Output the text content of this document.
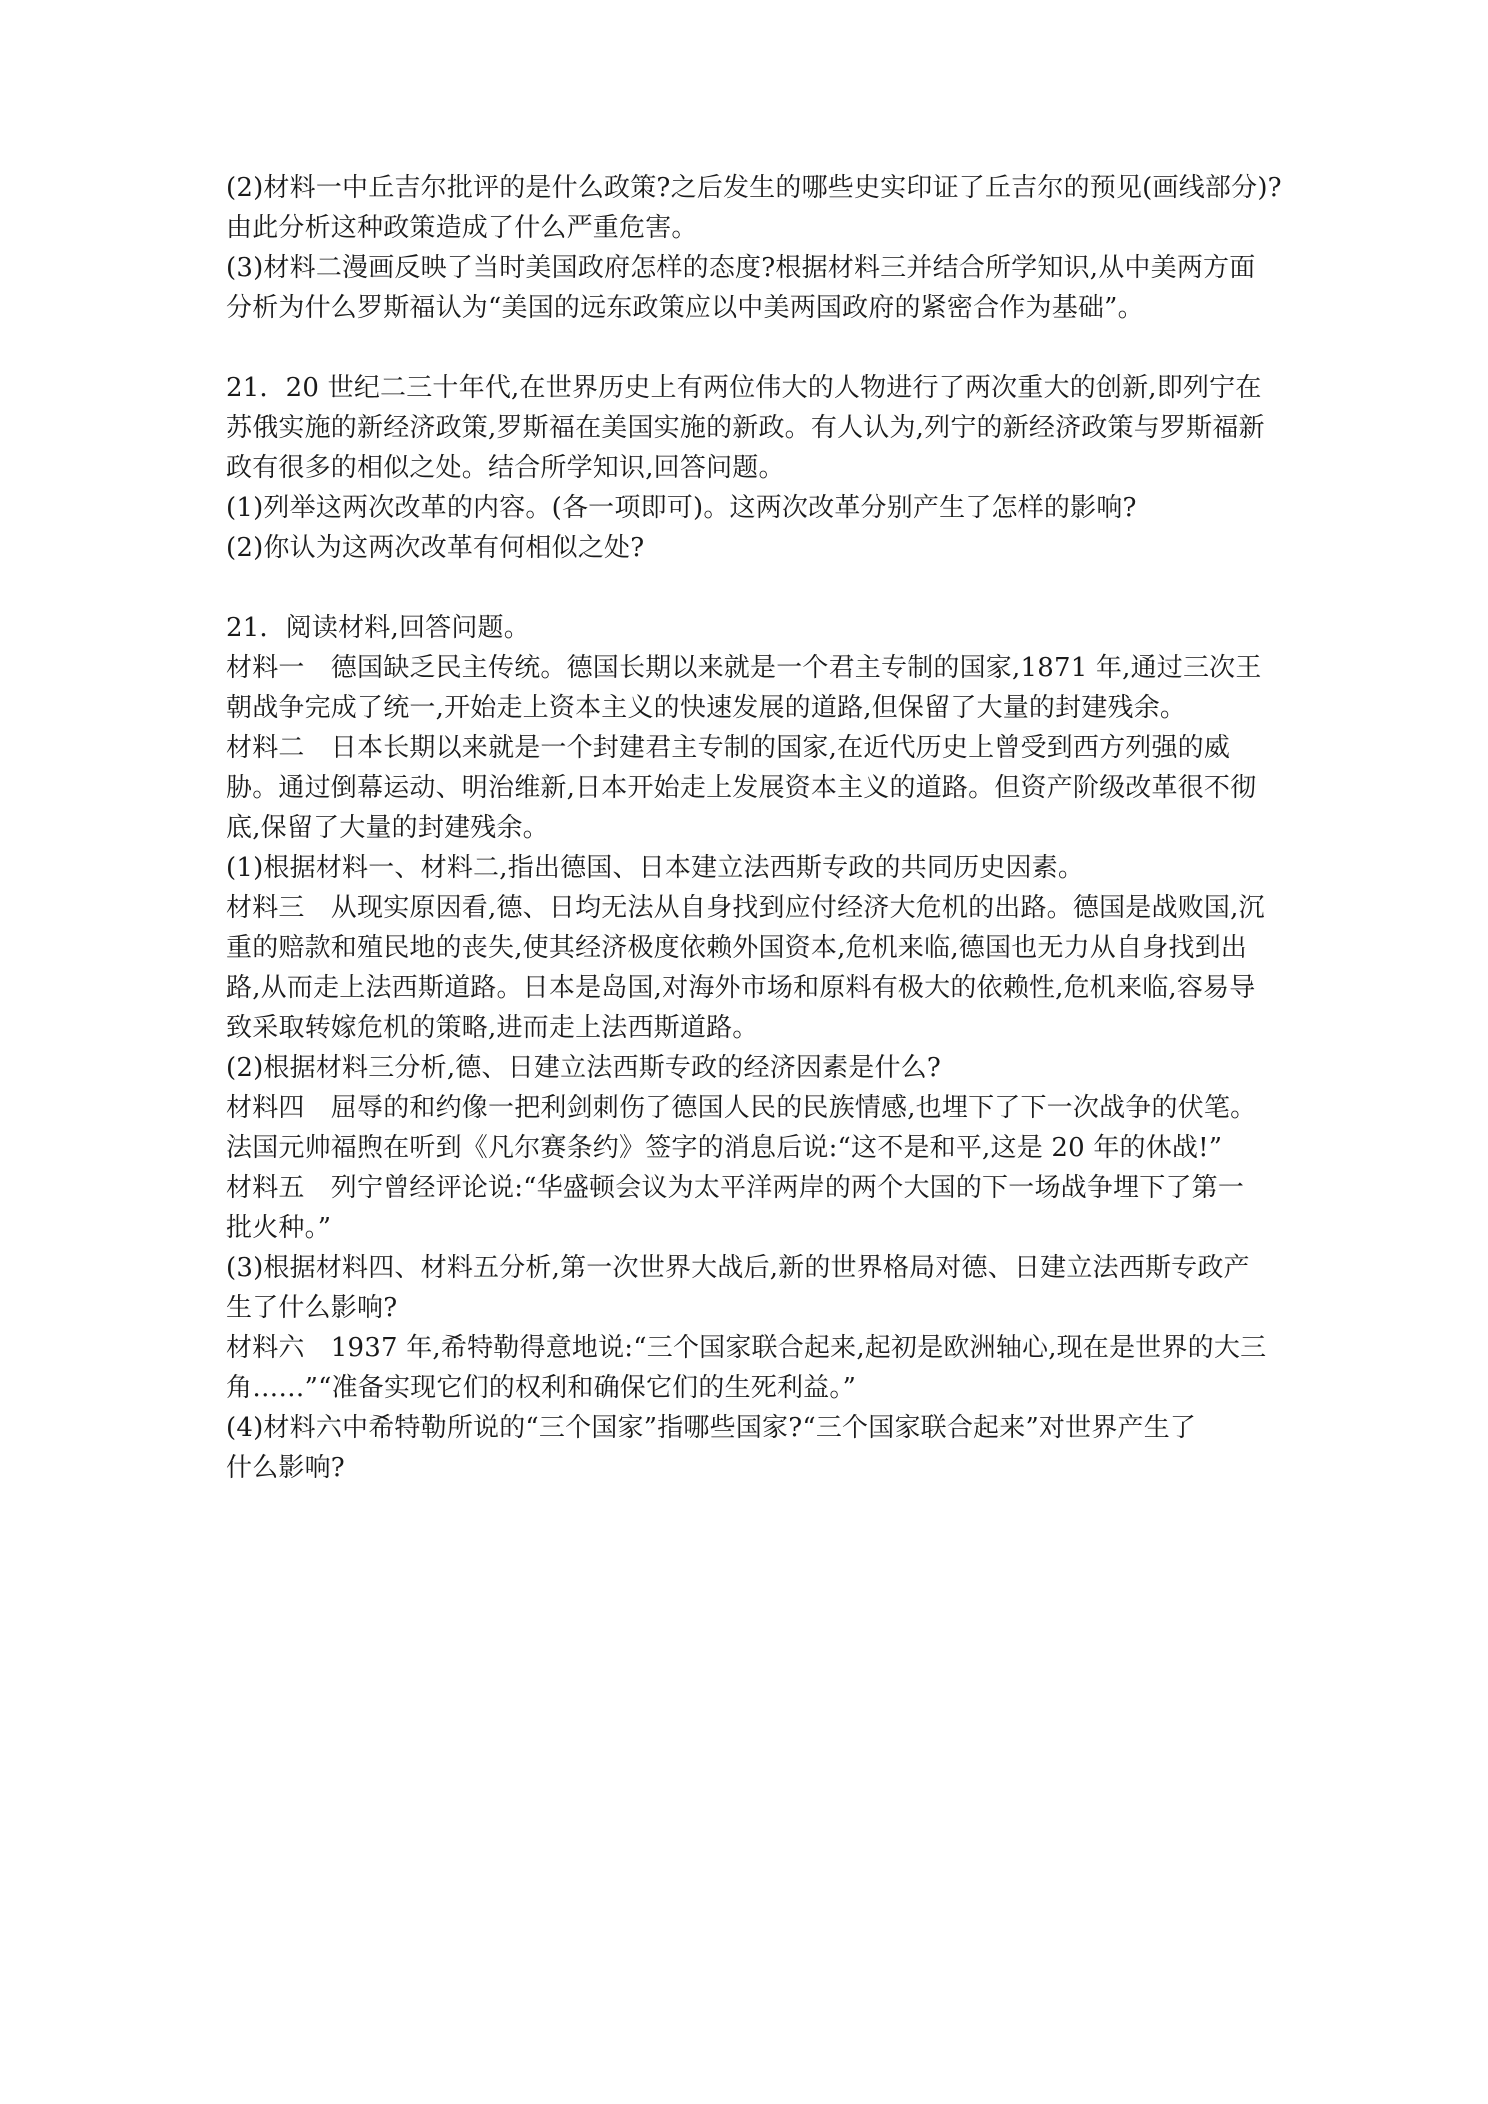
(2)材料一中丘吉尔批评的是什么政策?之后发生的哪些史实印证了丘吉尔的预见(画线部分)?
由此分析这种政策造成了什么严重危害。
(3)材料二漫画反映了当时美国政府怎样的态度?根据材料三并结合所学知识,从中美两方面
分析为什么罗斯福认为“美国的远东政策应以中美两国政府的紧密合作为基础”。
21．20 世纪二三十年代,在世界历史上有两位伟大的人物进行了两次重大的创新,即列宁在
苏俄实施的新经济政策,罗斯福在美国实施的新政。有人认为,列宁的新经济政策与罗斯福新
政有很多的相似之处。结合所学知识,回答问题。
(1)列举这两次改革的内容。(各一项即可)。这两次改革分别产生了怎样的影响?
(2)你认为这两次改革有何相似之处?
21．阅读材料,回答问题。
材料一　德国缺乏民主传统。德国长期以来就是一个君主专制的国家,1871 年,通过三次王
朝战争完成了统一,开始走上资本主义的快速发展的道路,但保留了大量的封建残余。
材料二　日本长期以来就是一个封建君主专制的国家,在近代历史上曾受到西方列强的威
胁。通过倒幕运动、明治维新,日本开始走上发展资本主义的道路。但资产阶级改革很不彻
底,保留了大量的封建残余。
(1)根据材料一、材料二,指出德国、日本建立法西斯专政的共同历史因素。
材料三　从现实原因看,德、日均无法从自身找到应付经济大危机的出路。德国是战败国,沉
重的赔款和殖民地的丧失,使其经济极度依赖外国资本,危机来临,德国也无力从自身找到出
路,从而走上法西斯道路。日本是岛国,对海外市场和原料有极大的依赖性,危机来临,容易导
致采取转嫁危机的策略,进而走上法西斯道路。
(2)根据材料三分析,德、日建立法西斯专政的经济因素是什么?
材料四　屈辱的和约像一把利剑刺伤了德国人民的民族情感,也埋下了下一次战争的伏笔。
法国元帅福煦在听到《凡尔赛条约》签字的消息后说:“这不是和平,这是 20 年的休战!”
材料五　列宁曾经评论说:“华盛顿会议为太平洋两岸的两个大国的下一场战争埋下了第一
批火种。”
(3)根据材料四、材料五分析,第一次世界大战后,新的世界格局对德、日建立法西斯专政产
生了什么影响?
材料六　1937 年,希特勒得意地说:“三个国家联合起来,起初是欧洲轴心,现在是世界的大三
角……”“准备实现它们的权利和确保它们的生死利益。”
(4)材料六中希特勒所说的“三个国家”指哪些国家?“三个国家联合起来”对世界产生了
什么影响?
